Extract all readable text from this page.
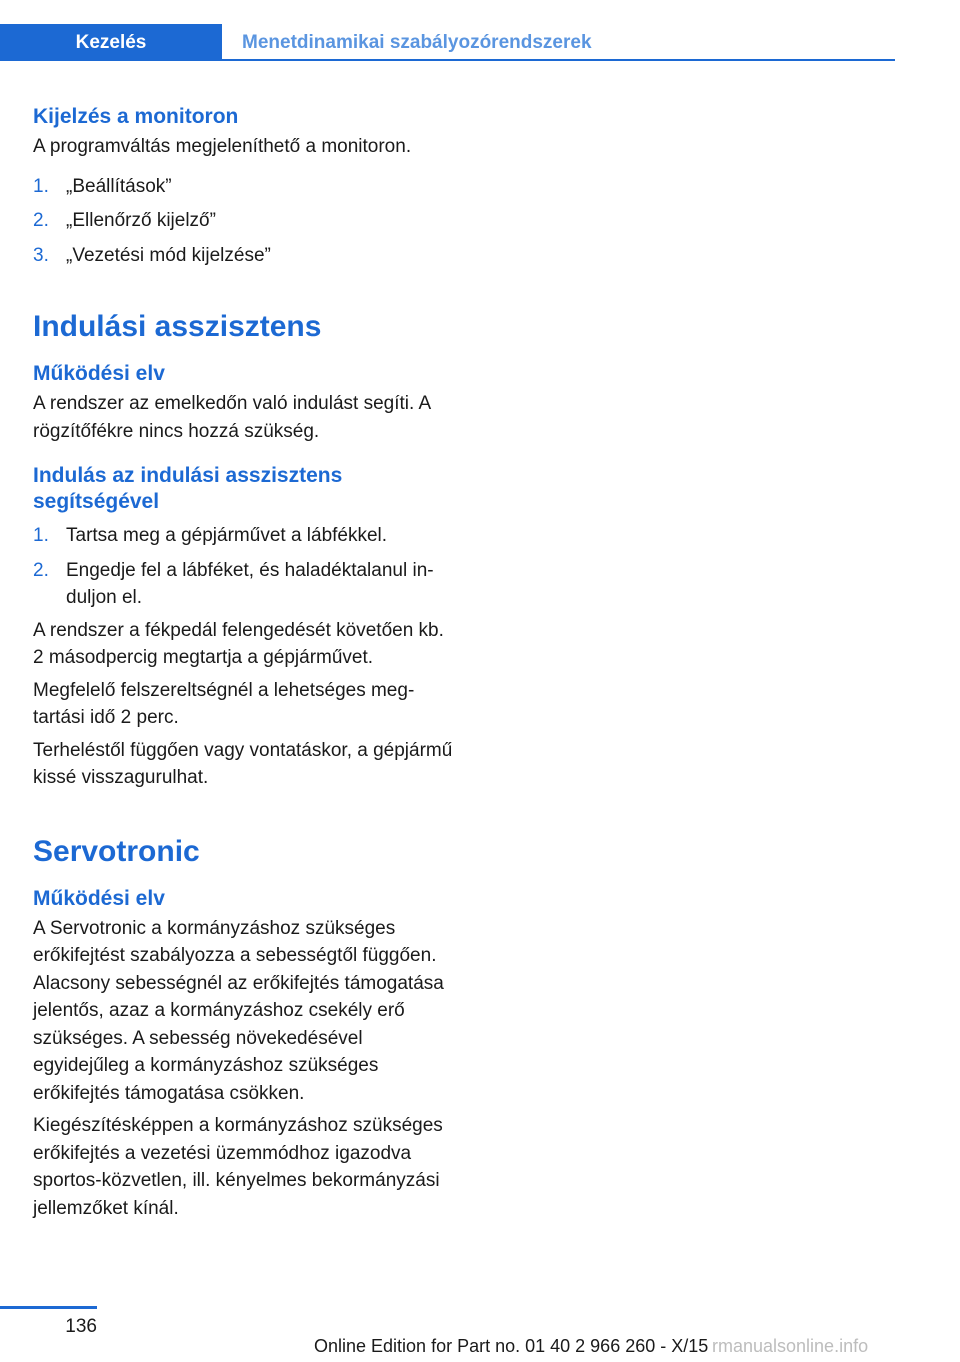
Kezelés	Menetdinamikai szabályozórendszerek
Kijelzés a monitoron

A programváltás megjeleníthető a monitoron.

1. „Beállítások”
2. „Ellenőrző kijelző”
3. „Vezetési mód kijelzése”
Indulási asszisztens
Működési elv

A rendszer az emelkedőn való indulást segíti. A rögzítőfékre nincs hozzá szükség.

Indulás az indulási asszisztens segítségével
1. Tartsa meg a gépjárművet a lábfékkel.
2. Engedje fel a lábféket, és haladéktalanul induljon el.

A rendszer a fékpedál felengedését követően kb. 2 másodpercig megtartja a gépjárművet.

Megfelelő felszereltségnél a lehetséges megtartási idő 2 perc.

Terheléstől függően vagy vontatáskor, a gépjármű kissé visszagurulhat.

Servotronic
Működési elv

A Servotronic a kormányzáshoz szükséges erőkifejtést szabályozza a sebességtől függően. Alacsony sebességnél az erőkifejtés támogatása jelentős, azaz a kormányzáshoz csekély erő szükséges. A sebesség növekedésével egyidejűleg a kormányzáshoz szükséges erőkifejtés támogatása csökken.

Kiegészítésképpen a kormányzáshoz szükséges erőkifejtés a vezetési üzemmódhoz igazodva sportos-közvetlen, ill. kényelmes bekormányzási jellemzőket kínál.

136
Online Edition for Part no. 01 40 2 966 260 - X/15 rmanualsonline.info
